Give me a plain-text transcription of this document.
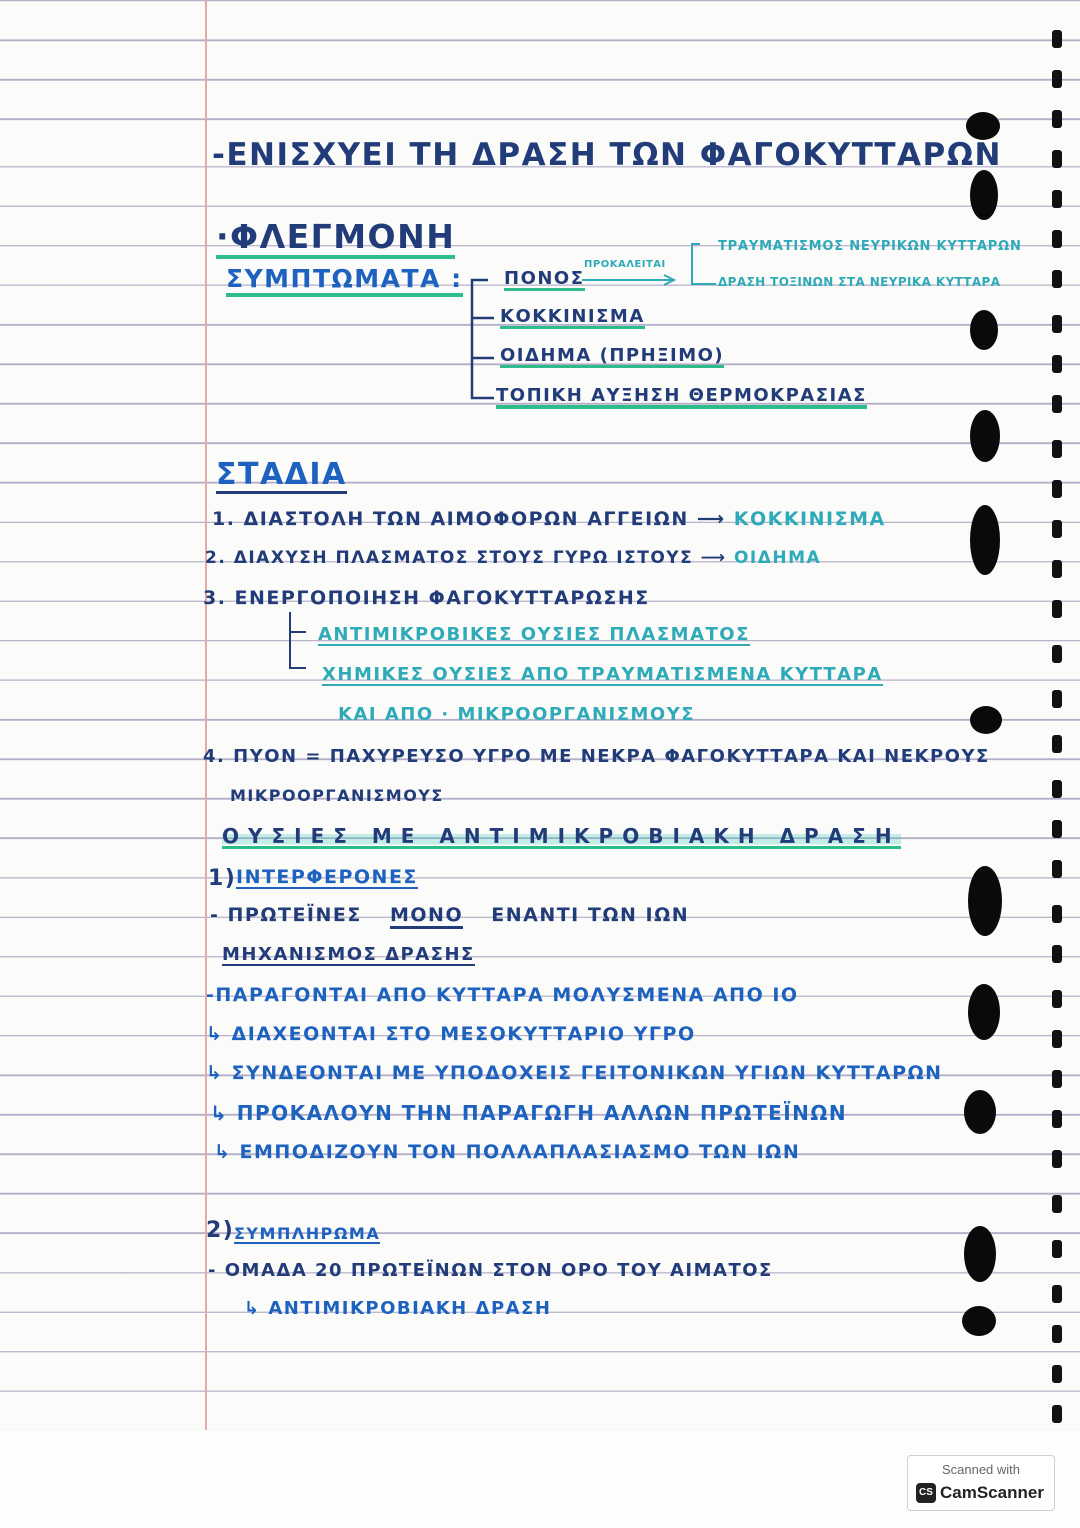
-ΕΝΙΣΧΥΕΙ ΤΗ ΔΡΑΣΗ ΤΩΝ ΦΑΓΟΚΥΤΤΑΡΩΝ
·ΦΛΕΓΜΟΝΗ
ΣΥΜΠΤΩΜΑΤΑ : ΠΟΝΟΣ
ΚΟΚΚΙΝΙΣΜΑ
ΟΙΔΗΜΑ (ΠΡΗΞΙΜΟ)
ΤΟΠΙΚΗ ΑΥΞΗΣΗ ΘΕΡΜΟΚΡΑΣΙΑΣ
ΠΡΟΚΑΛΕΙΤΑΙ
ΤΡΑΥΜΑΤΙΣΜΟΣ ΝΕΥΡΙΚΩΝ ΚΥΤΤΑΡΩΝ
ΔΡΑΣΗ ΤΟΞΙΝΩΝ ΣΤΑ ΝΕΥΡΙΚΑ ΚΥΤΤΑΡΑ
ΣΤΑΔΙΑ
1. ΔΙΑΣΤΟΛΗ ΤΩΝ ΑΙΜΟΦΟΡΩΝ ΑΓΓΕΙΩΝ ⟶ ΚΟΚΚΙΝΙΣΜΑ
2. ΔΙΑΧΥΣΗ ΠΛΑΣΜΑΤΟΣ ΣΤΟΥΣ ΓΥΡΩ ΙΣΤΟΥΣ ⟶ ΟΙΔΗΜΑ
3. ΕΝΕΡΓΟΠΟΙΗΣΗ ΦΑΓΟΚΥΤΤΑΡΩΣΗΣ
ΑΝΤΙΜΙΚΡΟΒΙΚΕΣ ΟΥΣΙΕΣ ΠΛΑΣΜΑΤΟΣ
ΧΗΜΙΚΕΣ ΟΥΣΙΕΣ ΑΠΟ ΤΡΑΥΜΑΤΙΣΜΕΝΑ ΚΥΤΤΑΡΑ
ΚΑΙ ΑΠΟ · ΜΙΚΡΟΟΡΓΑΝΙΣΜΟΥΣ
4. ΠΥΟΝ = ΠΑΧΥΡΕΥΣΟ ΥΓΡΟ ΜΕ ΝΕΚΡΑ ΦΑΓΟΚΥΤΤΑΡΑ ΚΑΙ ΝΕΚΡΟΥΣ
ΜΙΚΡΟΟΡΓΑΝΙΣΜΟΥΣ
ΟΥΣΙΕΣ ΜΕ ΑΝΤΙΜΙΚΡΟΒΙΑΚΗ ΔΡΑΣΗ
1) ΙΝΤΕΡΦΕΡΟΝΕΣ
- ΠΡΩΤΕΪΝΕΣ ΜΟΝΟ ΕΝΑΝΤΙ ΤΩΝ ΙΩΝ
ΜΗΧΑΝΙΣΜΟΣ ΔΡΑΣΗΣ
-ΠΑΡΑΓΟΝΤΑΙ ΑΠΟ ΚΥΤΤΑΡΑ ΜΟΛΥΣΜΕΝΑ ΑΠΟ ΙΟ
↳ ΔΙΑΧΕΟΝΤΑΙ ΣΤΟ ΜΕΣΟΚΥΤΤΑΡΙΟ ΥΓΡΟ
↳ ΣΥΝΔΕΟΝΤΑΙ ΜΕ ΥΠΟΔΟΧΕΙΣ ΓΕΙΤΟΝΙΚΩΝ ΥΓΙΩΝ ΚΥΤΤΑΡΩΝ
↳ ΠΡΟΚΑΛΟΥΝ ΤΗΝ ΠΑΡΑΓΩΓΗ ΑΛΛΩΝ ΠΡΩΤΕΪΝΩΝ
↳ ΕΜΠΟΔΙΖΟΥΝ ΤΟΝ ΠΟΛΛΑΠΛΑΣΙΑΣΜΟ ΤΩΝ ΙΩΝ
2) ΣΥΜΠΛΗΡΩΜΑ
- ΟΜΑΔΑ 20 ΠΡΩΤΕΪΝΩΝ ΣΤΟΝ ΟΡΟ ΤΟΥ ΑΙΜΑΤΟΣ
↳ ΑΝΤΙΜΙΚΡΟΒΙΑΚΗ ΔΡΑΣΗ
Scanned with
CS CamScanner
